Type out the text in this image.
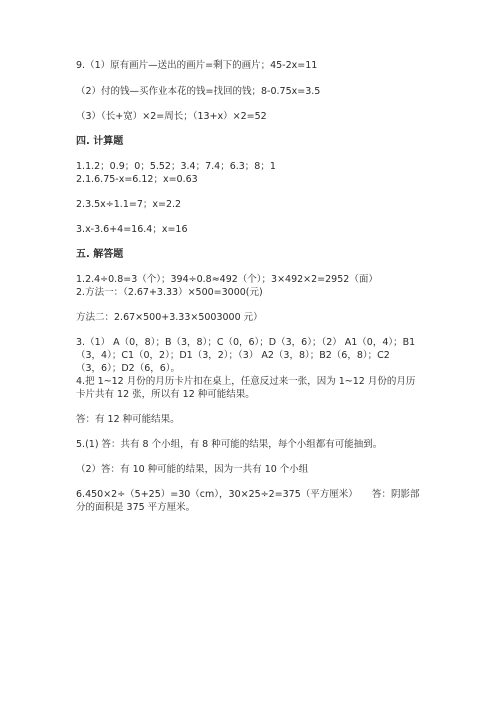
9.（1）原有画片—送出的画片=剩下的画片；45-2x=11
（2）付的钱—买作业本花的钱=找回的钱；8-0.75x=3.5
（3）（长+宽）×2=周长；（13+x）×2=52
四. 计算题
1.1.2；0.9；0；5.52；3.4；7.4；6.3；8；1
2.1.6.75-x=6.12；x=0.63
2.3.5x÷1.1=7；x=2.2
3.x-3.6+4=16.4；x=16
五. 解答题
1.2.4÷0.8=3（个）；394÷0.8≈492（个）；3×492×2=2952（面）
2.方法一：（2.67+3.33）×500=3000(元)
方法二：2.67×500+3.33×5003000 元）
3.（1） A（0，8）；B（3，8）；C（0，6）；D（3，6）；（2） A1（0，4）；B1
（3，4）；C1（0，2）；D1（3，2）；（3） A2（3，8）；B2（6，8）；C2
（3，6）；D2（6，6）。
4.把 1~12 月份的月历卡片扣在桌上，任意反过来一张，因为 1~12 月份的月历
卡片共有 12 张，所以有 12 种可能结果。
答：有 12 种可能结果。
5.(1) 答：共有 8 个小组，有 8 种可能的结果，每个小组都有可能抽到。
（2）答：有 10 种可能的结果，因为一共有 10 个小组
6.450×2÷（5+25）=30（cm），30×25÷2=375（平方厘米）　　答：阴影部
分的面积是 375 平方厘米。
